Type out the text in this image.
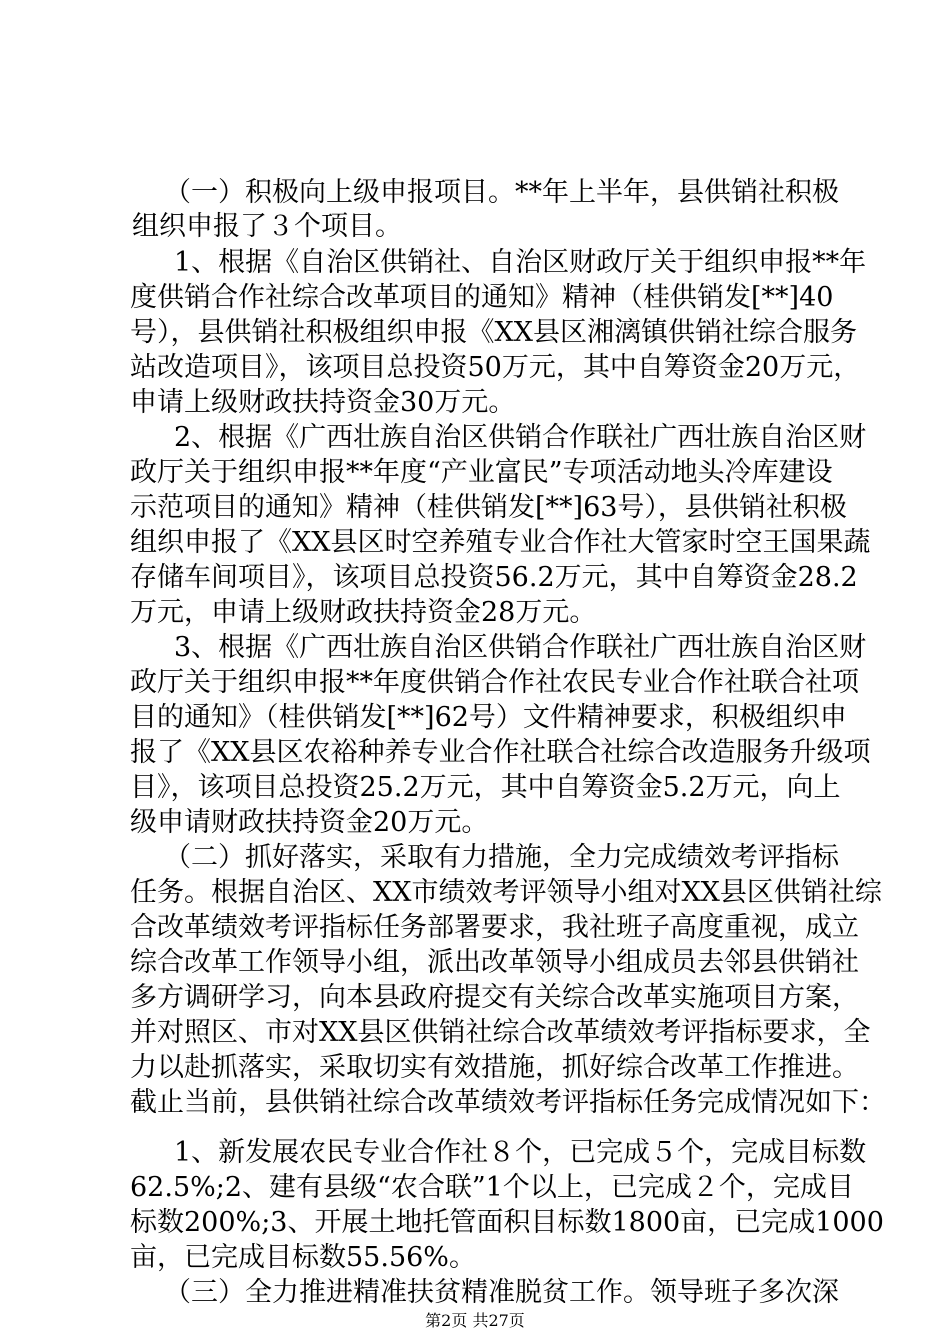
（一）积极向上级申报项目。**年上半年，县供销社积极

组织申报了３个项目。

1、根据《自治区供销社、自治区财政厅关于组织申报**年

度供销合作社综合改革项目的通知》精神（桂供销发[**]40

号），县供销社积极组织申报《XX县区湘漓镇供销社综合服务

站改造项目》，该项目总投资50万元，其中自筹资金20万元，

申请上级财政扶持资金30万元。

2、根据《广西壮族自治区供销合作联社广西壮族自治区财

政厅关于组织申报**年度“产业富民”专项活动地头冷库建设

示范项目的通知》精神（桂供销发[**]63号），县供销社积极

组织申报了《XX县区时空养殖专业合作社大管家时空王国果蔬

存储车间项目》，该项目总投资56.2万元，其中自筹资金28.2

万元，申请上级财政扶持资金28万元。

3、根据《广西壮族自治区供销合作联社广西壮族自治区财

政厅关于组织申报**年度供销合作社农民专业合作社联合社项

目的通知》（桂供销发[**]62号）文件精神要求，积极组织申

报了《XX县区农裕种养专业合作社联合社综合改造服务升级项

目》，该项目总投资25.2万元，其中自筹资金5.2万元，向上

级申请财政扶持资金20万元。

（二）抓好落实，采取有力措施，全力完成绩效考评指标

任务。根据自治区、XX市绩效考评领导小组对XX县区供销社综

合改革绩效考评指标任务部署要求，我社班子高度重视，成立

综合改革工作领导小组，派出改革领导小组成员去邻县供销社

多方调研学习，向本县政府提交有关综合改革实施项目方案，

并对照区、市对XX县区供销社综合改革绩效考评指标要求，全

力以赴抓落实，采取切实有效措施，抓好综合改革工作推进。

截止当前，县供销社综合改革绩效考评指标任务完成情况如下：

1、新发展农民专业合作社８个，已完成５个，完成目标数

62.5%;2、建有县级“农合联”1个以上，已完成２个，完成目

标数200%;3、开展土地托管面积目标数1800亩，已完成1000

亩，已完成目标数55.56%。

（三）全力推进精准扶贫精准脱贫工作。领导班子多次深

第2页 共27页
